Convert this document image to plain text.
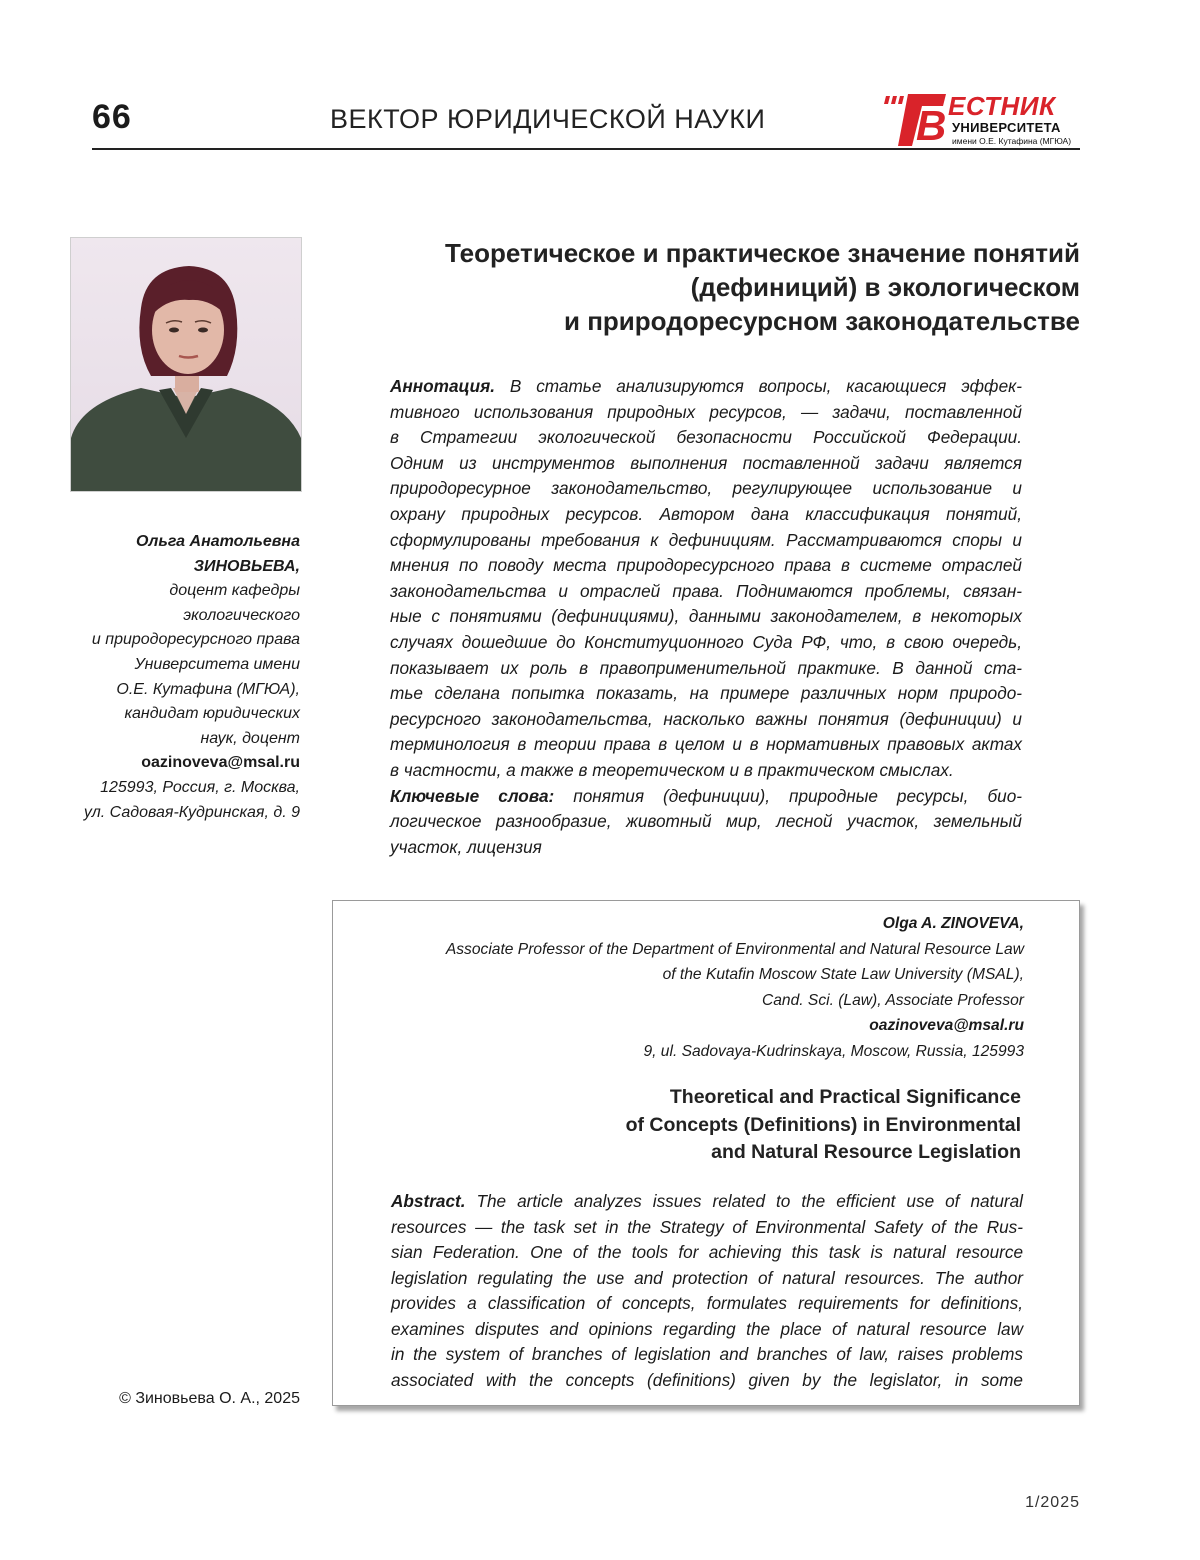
66	ВЕКТОР ЮРИДИЧЕСКОЙ НАУКИ	В ЕСТНИК
УНИВЕРСИТЕТА
имени О.Е. Кутафина (МГЮА)
Ольга Анатольевна
ЗИНОВЬЕВА,
доцент кафедры
экологического
и природоресурсного права
Университета имени
О.Е. Кутафина (МГЮА),
кандидат юридических
наук, доцент
oazinoveva@msal.ru
125993, Россия, г. Москва,
ул. Садовая-Кудринская, д. 9
© Зиновьева О. А., 2025
Теоретическое и практическое значение понятий
(дефиниций) в экологическом
и природоресурсном законодательстве
Аннотация. В статье анализируются вопросы, касающиеся эффек-
тивного использования природных ресурсов, — задачи, поставленной
в Стратегии экологической безопасности Российской Федерации.
Одним из инструментов выполнения поставленной задачи является
природоресурное законодательство, регулирующее использование и
охрану природных ресурсов. Автором дана классификация понятий,
сформулированы требования к дефинициям. Рассматриваются споры и
мнения по поводу места природоресурсного права в системе отраслей
законодательства и отраслей права. Поднимаются проблемы, связан-
ные с понятиями (дефинициями), данными законодателем, в некоторых
случаях дошедшие до Конституционного Суда РФ, что, в свою очередь,
показывает их роль в правоприменительной практике. В данной ста-
тье сделана попытка показать, на примере различных норм природо-
ресурсного законодательства, насколько важны понятия (дефиниции) и
терминология в теории права в целом и в нормативных правовых актах
в частности, а также в теоретическом и в практическом смыслах.
Ключевые слова: понятия (дефиниции), природные ресурсы, био-
логическое разнообразие, животный мир, лесной участок, земельный
участок, лицензия
Olga A. ZINOVEVA,
Associate Professor of the Department of Environmental and Natural Resource Law
of the Kutafin Moscow State Law University (MSAL),
Cand. Sci. (Law), Associate Professor
oazinoveva@msal.ru
9, ul. Sadovaya-Kudrinskaya, Moscow, Russia, 125993
Theoretical and Practical Significance
of Concepts (Definitions) in Environmental
and Natural Resource Legislation
Abstract. The article analyzes issues related to the efficient use of natural
resources — the task set in the Strategy of Environmental Safety of the Rus-
sian Federation. One of the tools for achieving this task is natural resource
legislation regulating the use and protection of natural resources. The author
provides a classification of concepts, formulates requirements for definitions,
examines disputes and opinions regarding the place of natural resource law
in the system of branches of legislation and branches of law, raises problems
associated with the concepts (definitions) given by the legislator, in some
1/2025
